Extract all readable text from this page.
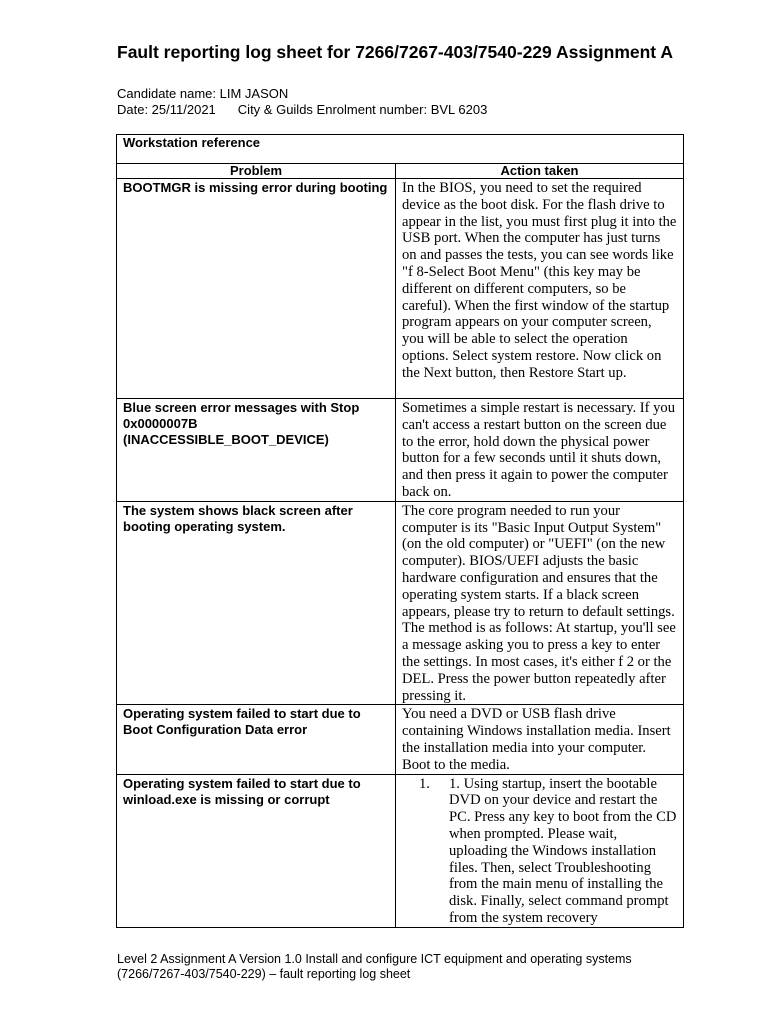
Fault reporting log sheet for 7266/7267-403/7540-229 Assignment A
Candidate name: LIM JASON
Date: 25/11/2021 City & Guilds Enrolment number: BVL 6203
Workstation reference	
Problem	Action taken
BOOTMGR is missing error during booting	In the BIOS, you need to set the required device as the boot disk. For the flash drive to appear in the list, you must first plug it into the USB port. When the computer has just turns on and passes the tests, you can see words like "f 8-Select Boot Menu" (this key may be different on different computers, so be careful). When the first window of the startup program appears on your computer screen, you will be able to select the operation options. Select system restore. Now click on the Next button, then Restore Start up.
Blue screen error messages with Stop 0x0000007B (INACCESSIBLE_BOOT_DEVICE)	Sometimes a simple restart is necessary. If you can't access a restart button on the screen due to the error, hold down the physical power button for a few seconds until it shuts down, and then press it again to power the computer back on.
The system shows black screen after booting operating system.	The core program needed to run your computer is its "Basic Input Output System" (on the old computer) or "UEFI" (on the new computer). BIOS/UEFI adjusts the basic hardware configuration and ensures that the operating system starts. If a black screen appears, please try to return to default settings. The method is as follows: At startup, you'll see a message asking you to press a key to enter the settings. In most cases, it's either f 2 or the DEL. Press the power button repeatedly after pressing it.
Operating system failed to start due to Boot Configuration Data error	You need a DVD or USB flash drive containing Windows installation media. Insert the installation media into your computer. Boot to the media.
Operating system failed to start due to winload.exe is missing or corrupt	1. 1. Using startup, insert the bootable DVD on your device and restart the PC. Press any key to boot from the CD when prompted. Please wait, uploading the Windows installation files. Then, select Troubleshooting from the main menu of installing the disk. Finally, select command prompt from the system recovery
Level 2 Assignment A Version 1.0 Install and configure ICT equipment and operating systems (7266/7267-403/7540-229) – fault reporting log sheet
